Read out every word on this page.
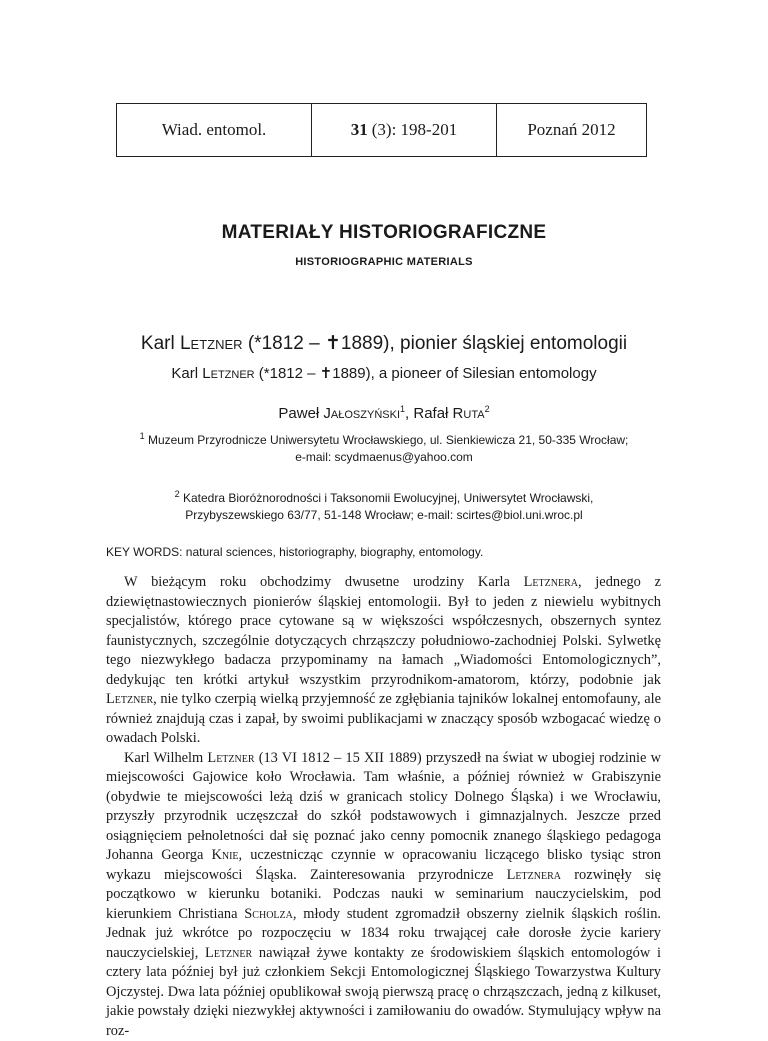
Wiad. entomol.	31 (3): 198-201	Poznań 2012
MATERIAŁY HISTORIOGRAFICZNE
HISTORIOGRAPHIC MATERIALS
Karl Letzner (*1812 – ✝1889), pionier śląskiej entomologii
Karl Letzner (*1812 – ✝1889), a pioneer of Silesian entomology
Paweł Jałoszyński$^1$, Rafał Ruta$^2$
$^1$ Muzeum Przyrodnicze Uniwersytetu Wrocławskiego, ul. Sienkiewicza 21, 50-335 Wrocław;
e-mail: scydmaenus@yahoo.com
$^2$ Katedra Bioróżnorodności i Taksonomii Ewolucyjnej, Uniwersytet Wrocławski,
Przybyszewskiego 63/77, 51-148 Wrocław; e-mail: scirtes@biol.uni.wroc.pl
KEY WORDS: natural sciences, historiography, biography, entomology.

W bieżącym roku obchodzimy dwusetne urodziny Karla Letznera, jednego z dziewiętnastowiecznych pionierów śląskiej entomologii. Był to jeden z niewielu wybitnych specjalistów, którego prace cytowane są w większości współczesnych, obszernych syntez faunistycznych, szczególnie dotyczących chrząszczy południowo-zachodniej Polski. Sylwetkę tego niezwykłego badacza przypominamy na łamach „Wiadomości Entomologicznych”, dedykując ten krótki artykuł wszystkim przyrodnikom-amatorom, którzy, podobnie jak Letzner, nie tylko czerpią wielką przyjemność ze zgłębiania tajników lokalnej entomofauny, ale również znajdują czas i zapał, by swoimi publikacjami w znaczący sposób wzbogacać wiedzę o owadach Polski.

Karl Wilhelm Letzner (13 VI 1812 – 15 XII 1889) przyszedł na świat w ubogiej rodzinie w miejscowości Gajowice koło Wrocławia. Tam właśnie, a później również w Grabiszynie (obydwie te miejscowości leżą dziś w granicach stolicy Dolnego Śląska) i we Wrocławiu, przyszły przyrodnik uczęszczał do szkół podstawowych i gimnazjalnych. Jeszcze przed osiągnięciem pełnoletności dał się poznać jako cenny pomocnik znanego śląskiego pedagoga Johanna Georga Knie, uczestnicząc czynnie w opracowaniu liczącego blisko tysiąc stron wykazu miejscowości Śląska. Zainteresowania przyrodnicze Letznera rozwinęły się początkowo w kierunku botaniki. Podczas nauki w seminarium nauczycielskim, pod kierunkiem Christiana Scholza, młody student zgromadził obszerny zielnik śląskich roślin. Jednak już wkrótce po rozpoczęciu w 1834 roku trwającej całe dorosłe życie kariery nauczycielskiej, Letzner nawiązał żywe kontakty ze środowiskiem śląskich entomologów i cztery lata później był już członkiem Sekcji Entomologicznej Śląskiego Towarzystwa Kultury Ojczystej. Dwa lata później opublikował swoją pierwszą pracę o chrząszczach, jedną z kilkuset, jakie powstały dzięki niezwykłej aktywności i zamiłowaniu do owadów. Stymulujący wpływ na roz-
